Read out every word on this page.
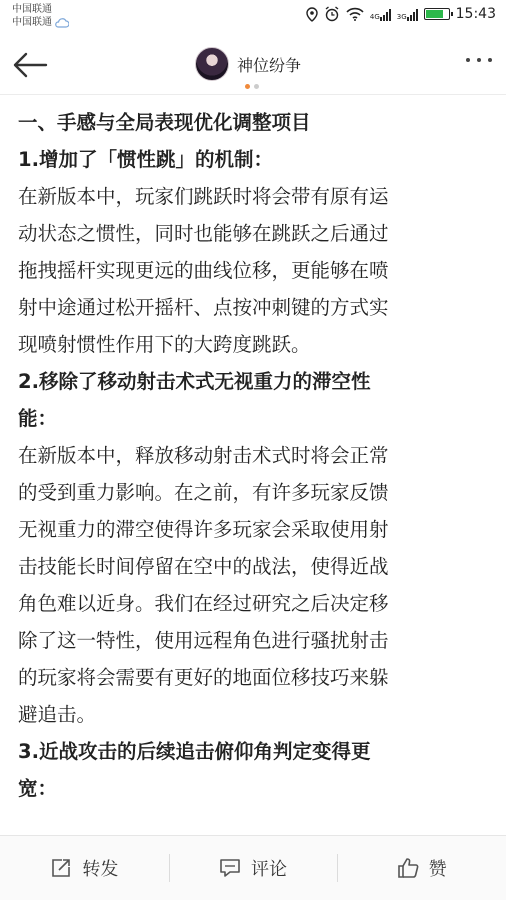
中国联通
中国联通
4G 3G	15:43
神位纷争

一、手感与全局表现优化调整项目

1.增加了「惯性跳」的机制：

在新版本中，玩家们跳跃时将会带有原有运

动状态之惯性，同时也能够在跳跃之后通过

拖拽摇杆实现更远的曲线位移，更能够在喷

射中途通过松开摇杆、点按冲刺键的方式实

现喷射惯性作用下的大跨度跳跃。

2.移除了移动射击术式无视重力的滞空性

能：

在新版本中，释放移动射击术式时将会正常

的受到重力影响。在之前，有许多玩家反馈

无视重力的滞空使得许多玩家会采取使用射

击技能长时间停留在空中的战法，使得近战

角色难以近身。我们在经过研究之后决定移

除了这一特性，使用远程角色进行骚扰射击

的玩家将会需要有更好的地面位移技巧来躲

避追击。

3.近战攻击的后续追击俯仰角判定变得更

宽：

转发	评论	赞
